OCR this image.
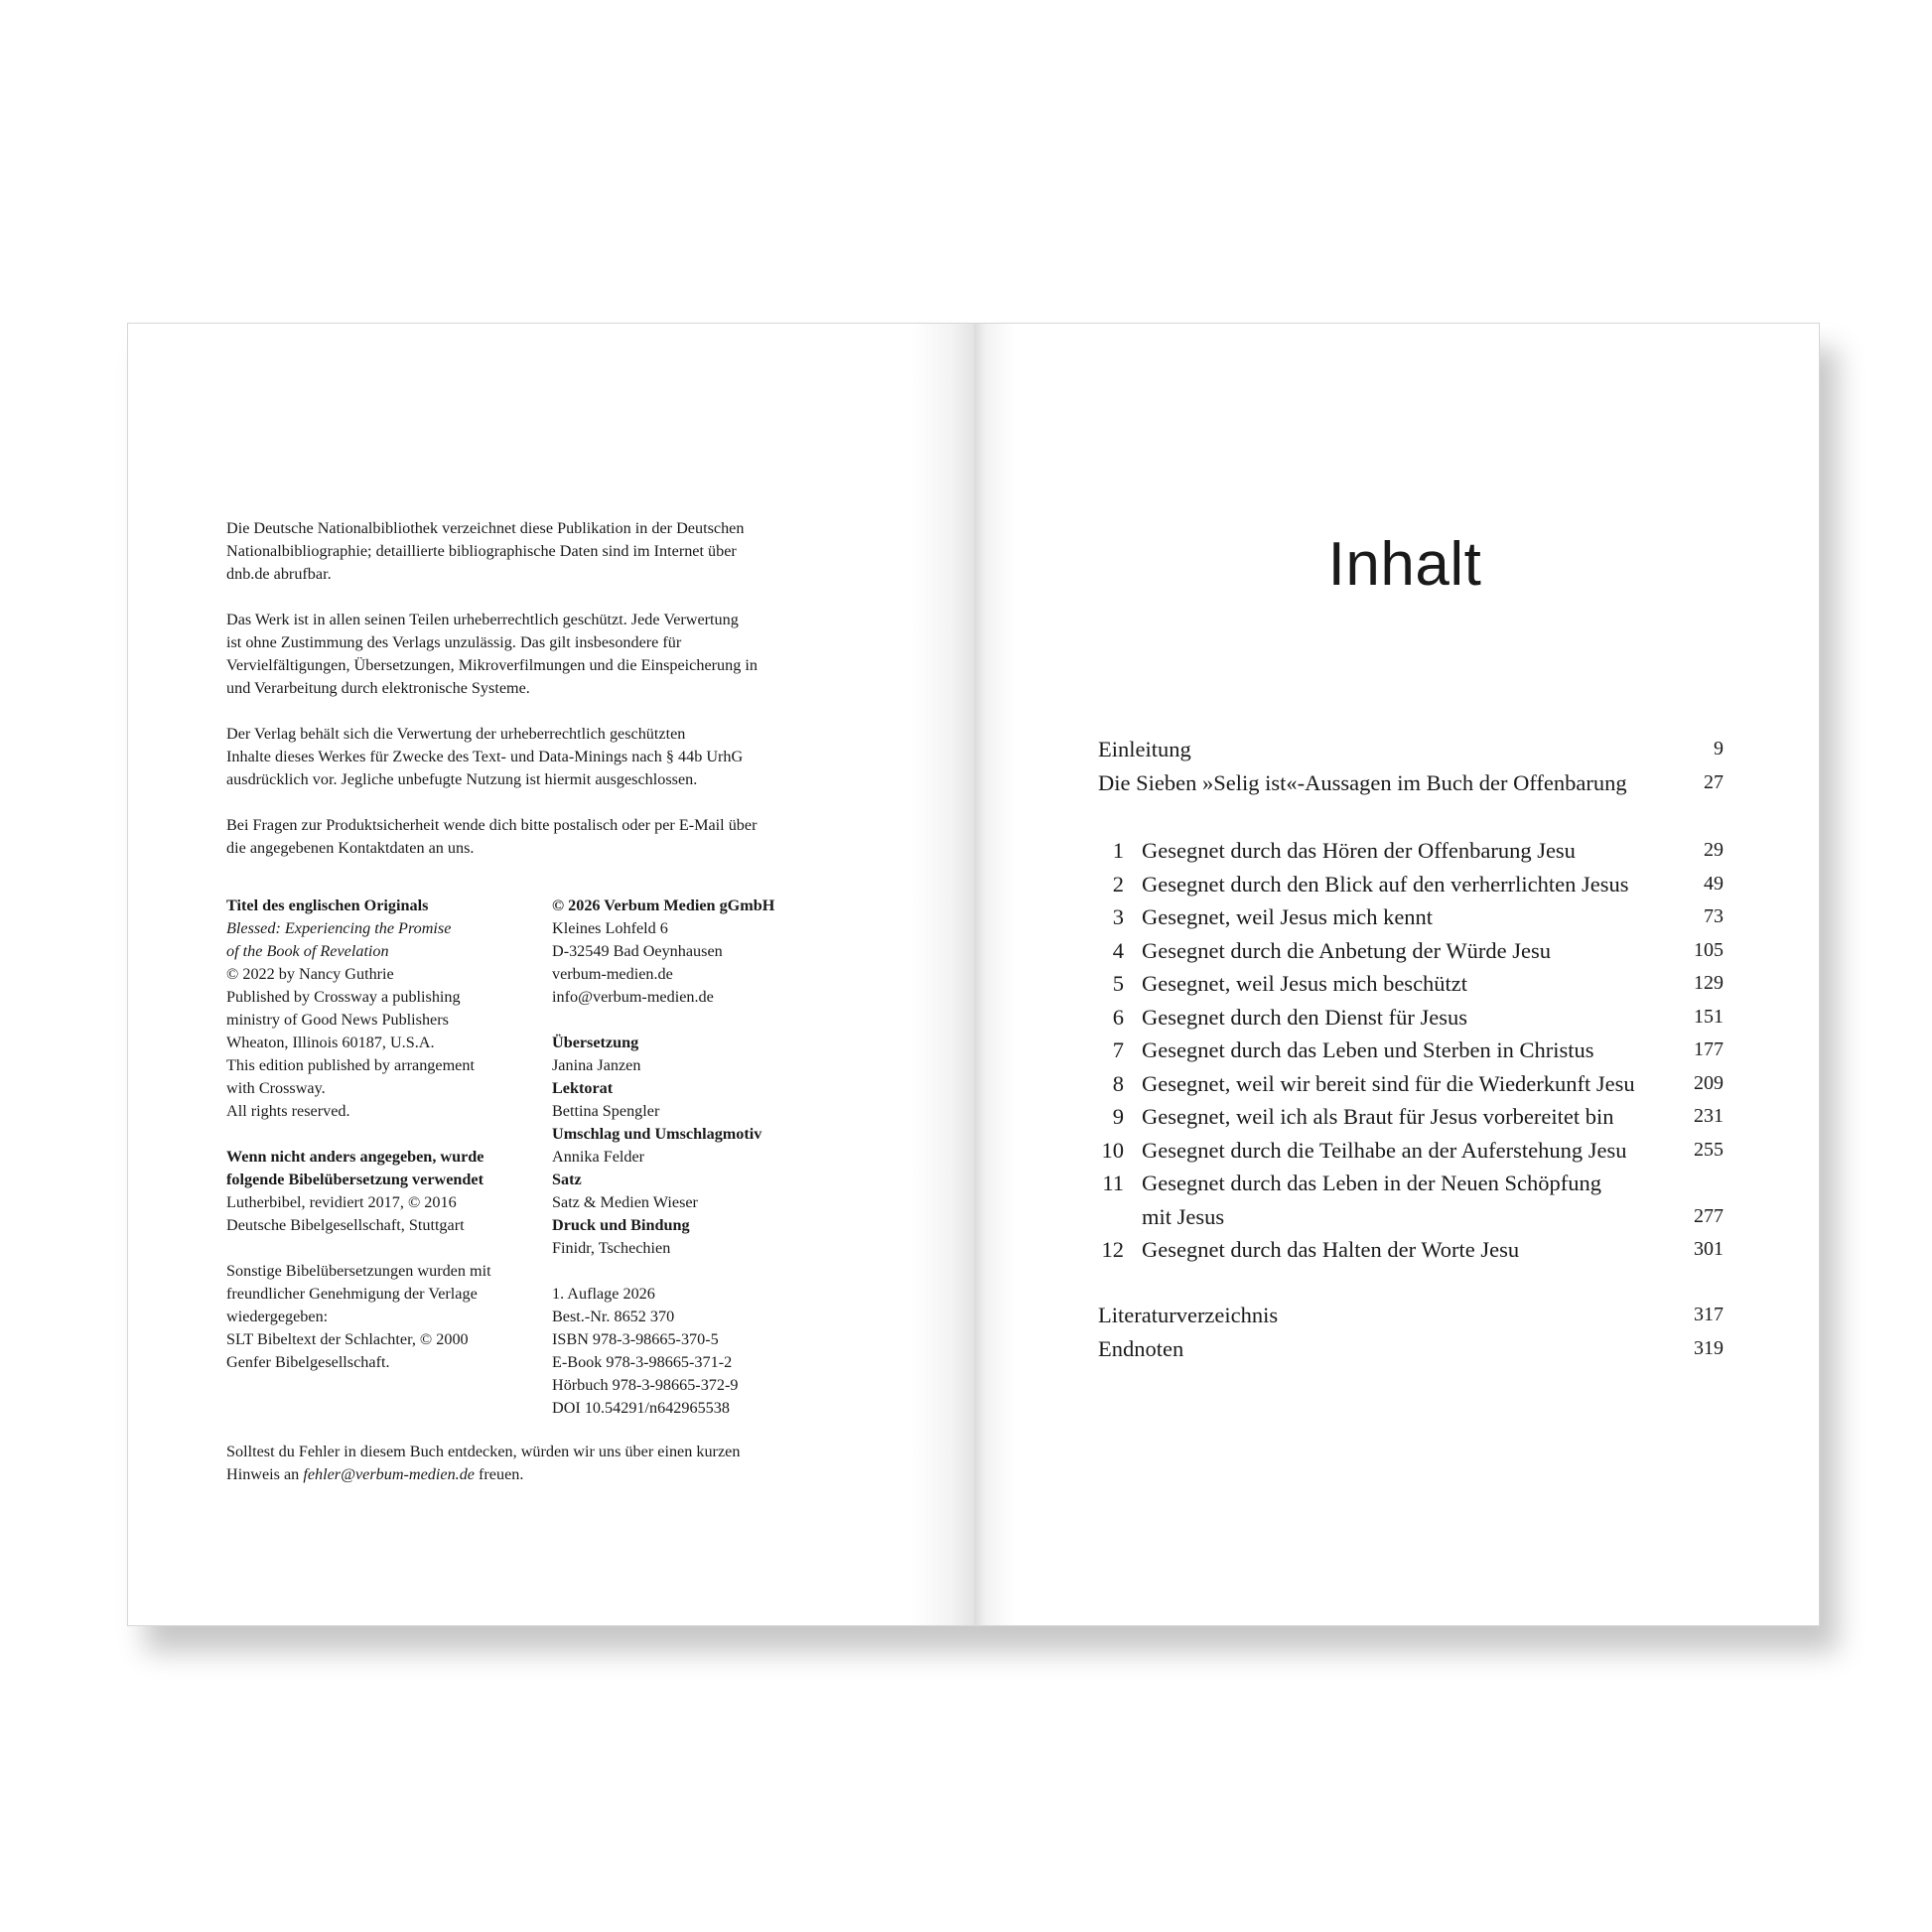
Die Deutsche Nationalbibliothek verzeichnet diese Publikation in der Deutschen
Nationalbibliographie; detaillierte bibliographische Daten sind im Internet über
dnb.de abrufbar.
Das Werk ist in allen seinen Teilen urheberrechtlich geschützt. Jede Verwertung
ist ohne Zustimmung des Verlags unzulässig. Das gilt insbesondere für
Vervielfältigungen, Übersetzungen, Mikroverfilmungen und die Einspeicherung in
und Verarbeitung durch elektronische Systeme.
Der Verlag behält sich die Verwertung der urheberrechtlich geschützten
Inhalte dieses Werkes für Zwecke des Text- und Data-Minings nach § 44b UrhG
ausdrücklich vor. Jegliche unbefugte Nutzung ist hiermit ausgeschlossen.
Bei Fragen zur Produktsicherheit wende dich bitte postalisch oder per E-Mail über
die angegebenen Kontaktdaten an uns.
Titel des englischen Originals
Blessed: Experiencing the Promise
of the Book of Revelation
© 2022 by Nancy Guthrie
Published by Crossway a publishing
ministry of Good News Publishers
Wheaton, Illinois 60187, U.S.A.
This edition published by arrangement
with Crossway.
All rights reserved.
Wenn nicht anders angegeben, wurde
folgende Bibelübersetzung verwendet
Lutherbibel, revidiert 2017, © 2016
Deutsche Bibelgesellschaft, Stuttgart
Sonstige Bibelübersetzungen wurden mit
freundlicher Genehmigung der Verlage
wiedergegeben:
SLT Bibeltext der Schlachter, © 2000
Genfer Bibelgesellschaft.
© 2026 Verbum Medien gGmbH
Kleines Lohfeld 6
D-32549 Bad Oeynhausen
verbum-medien.de
info@verbum-medien.de
Übersetzung
Janina Janzen
Lektorat
Bettina Spengler
Umschlag und Umschlagmotiv
Annika Felder
Satz
Satz & Medien Wieser
Druck und Bindung
Finidr, Tschechien
1. Auflage 2026
Best.-Nr. 8652 370
ISBN 978-3-98665-370-5
E-Book 978-3-98665-371-2
Hörbuch 978-3-98665-372-9
DOI 10.54291/n642965538
Solltest du Fehler in diesem Buch entdecken, würden wir uns über einen kurzen
Hinweis an fehler@verbum-medien.de freuen.
Inhalt
Einleitung	9
Die Sieben »Selig ist«-Aussagen im Buch der Offenbarung	27
1 Gesegnet durch das Hören der Offenbarung Jesu	29
2 Gesegnet durch den Blick auf den verherrlichten Jesus	49
3 Gesegnet, weil Jesus mich kennt	73
4 Gesegnet durch die Anbetung der Würde Jesu	105
5 Gesegnet, weil Jesus mich beschützt	129
6 Gesegnet durch den Dienst für Jesus	151
7 Gesegnet durch das Leben und Sterben in Christus	177
8 Gesegnet, weil wir bereit sind für die Wiederkunft Jesu	209
9 Gesegnet, weil ich als Braut für Jesus vorbereitet bin	231
10 Gesegnet durch die Teilhabe an der Auferstehung Jesu	255
11 Gesegnet durch das Leben in der Neuen Schöpfung
mit Jesus	277
12 Gesegnet durch das Halten der Worte Jesu	301
Literaturverzeichnis	317
Endnoten	319
